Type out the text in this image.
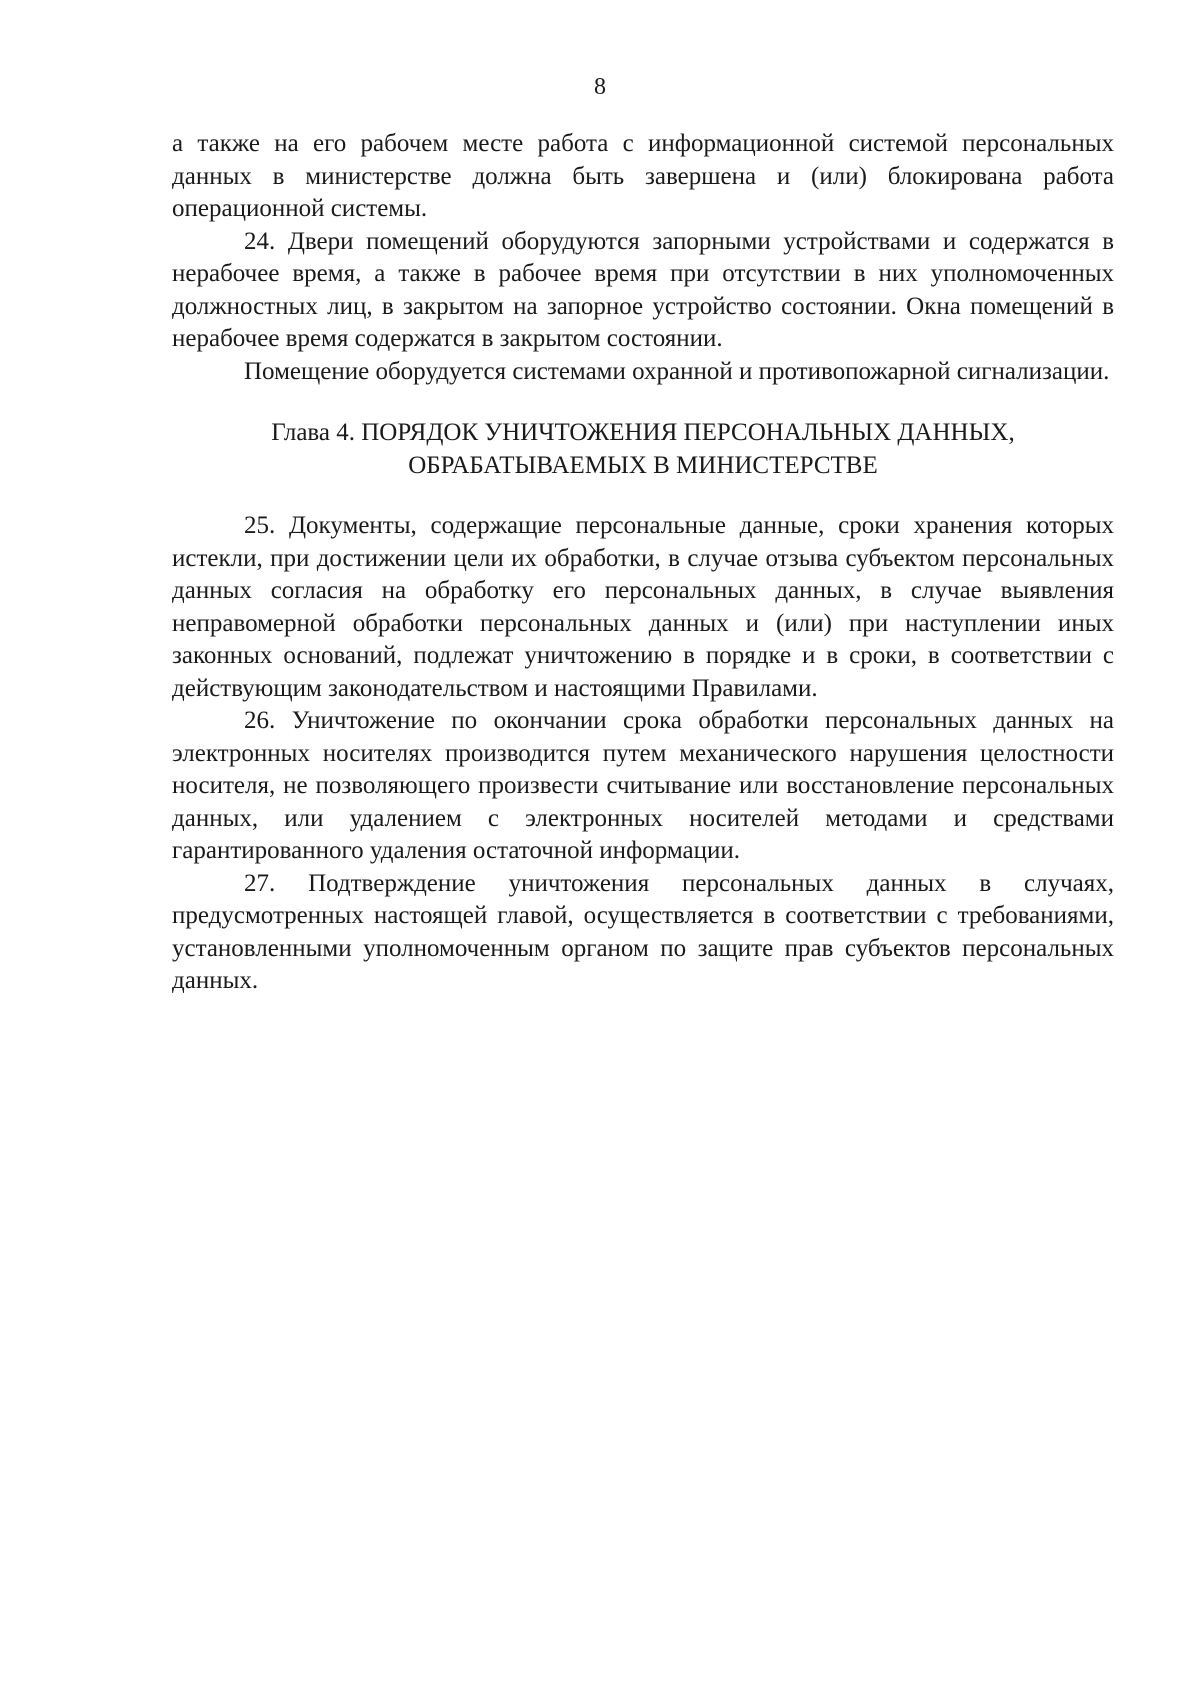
8

а также на его рабочем месте работа с информационной системой персональных данных в министерстве должна быть завершена и (или) блокирована работа операционной системы.

24. Двери помещений оборудуются запорными устройствами и содержатся в нерабочее время, а также в рабочее время при отсутствии в них уполномоченных должностных лиц, в закрытом на запорное устройство состоянии. Окна помещений в нерабочее время содержатся в закрытом состоянии.

Помещение оборудуется системами охранной и противопожарной сигнализации.

Глава 4. ПОРЯДОК УНИЧТОЖЕНИЯ ПЕРСОНАЛЬНЫХ ДАННЫХ,
ОБРАБАТЫВАЕМЫХ В МИНИСТЕРСТВЕ

25. Документы, содержащие персональные данные, сроки хранения которых истекли, при достижении цели их обработки, в случае отзыва субъектом персональных данных согласия на обработку его персональных данных, в случае выявления неправомерной обработки персональных данных и (или) при наступлении иных законных оснований, подлежат уничтожению в порядке и в сроки, в соответствии с действующим законодательством и настоящими Правилами.

26. Уничтожение по окончании срока обработки персональных данных на электронных носителях производится путем механического нарушения целостности носителя, не позволяющего произвести считывание или восстановление персональных данных, или удалением с электронных носителей методами и средствами гарантированного удаления остаточной информации.

27. Подтверждение уничтожения персональных данных в случаях, предусмотренных настоящей главой, осуществляется в соответствии с требованиями, установленными уполномоченным органом по защите прав субъектов персональных данных.
